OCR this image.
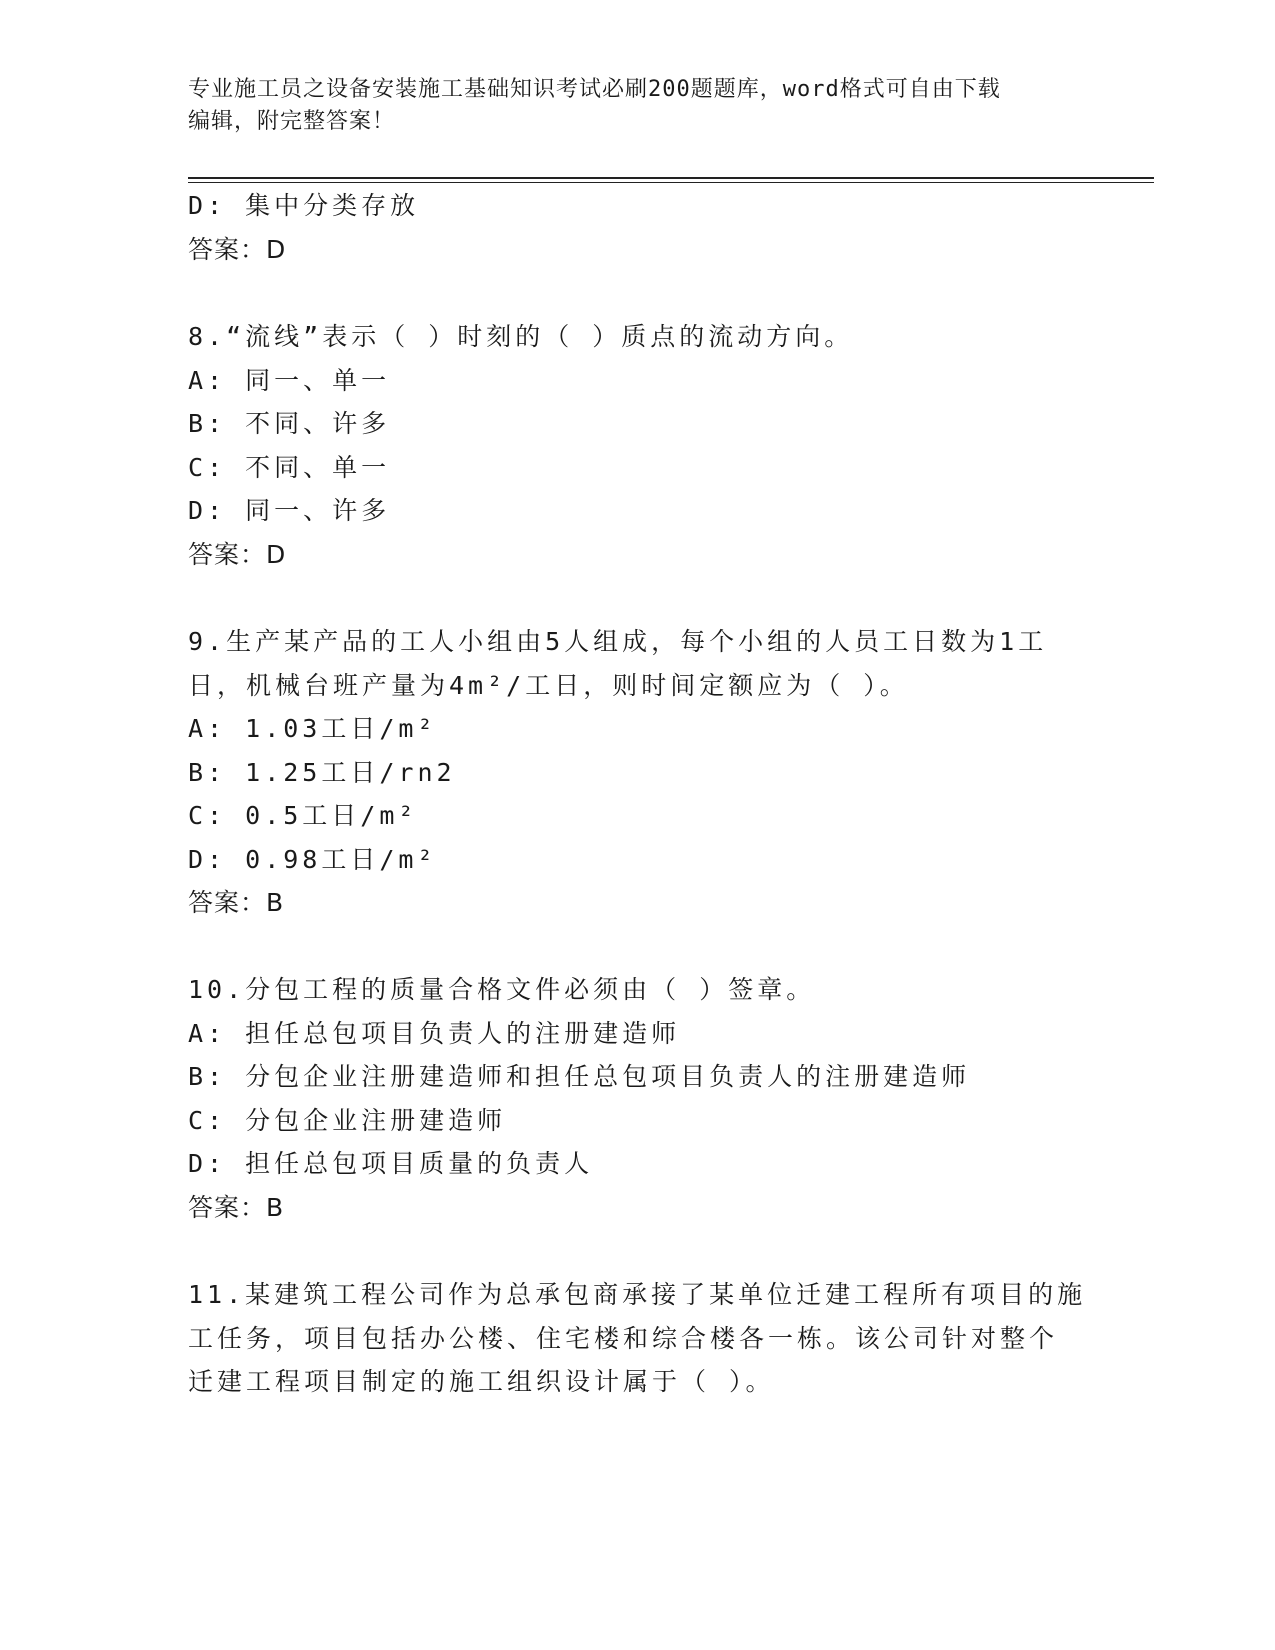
专业施工员之设备安装施工基础知识考试必刷200题题库，word格式可自由下载
编辑，附完整答案！
D: 集中分类存放
答案：D
8.“流线”表示（ ）时刻的（ ）质点的流动方向。
A: 同一、单一
B: 不同、许多
C: 不同、单一
D: 同一、许多
答案：D
9.生产某产品的工人小组由5人组成，每个小组的人员工日数为1工
日，机械台班产量为4m²/工日，则时间定额应为（ ）。
A: 1.03工日/m²
B: 1.25工日/rn2
C: 0.5工日/m²
D: 0.98工日/m²
答案：B
10.分包工程的质量合格文件必须由（ ）签章。
A: 担任总包项目负责人的注册建造师
B: 分包企业注册建造师和担任总包项目负责人的注册建造师
C: 分包企业注册建造师
D: 担任总包项目质量的负责人
答案：B
11.某建筑工程公司作为总承包商承接了某单位迁建工程所有项目的施
工任务，项目包括办公楼、住宅楼和综合楼各一栋。该公司针对整个
迁建工程项目制定的施工组织设计属于（ ）。
